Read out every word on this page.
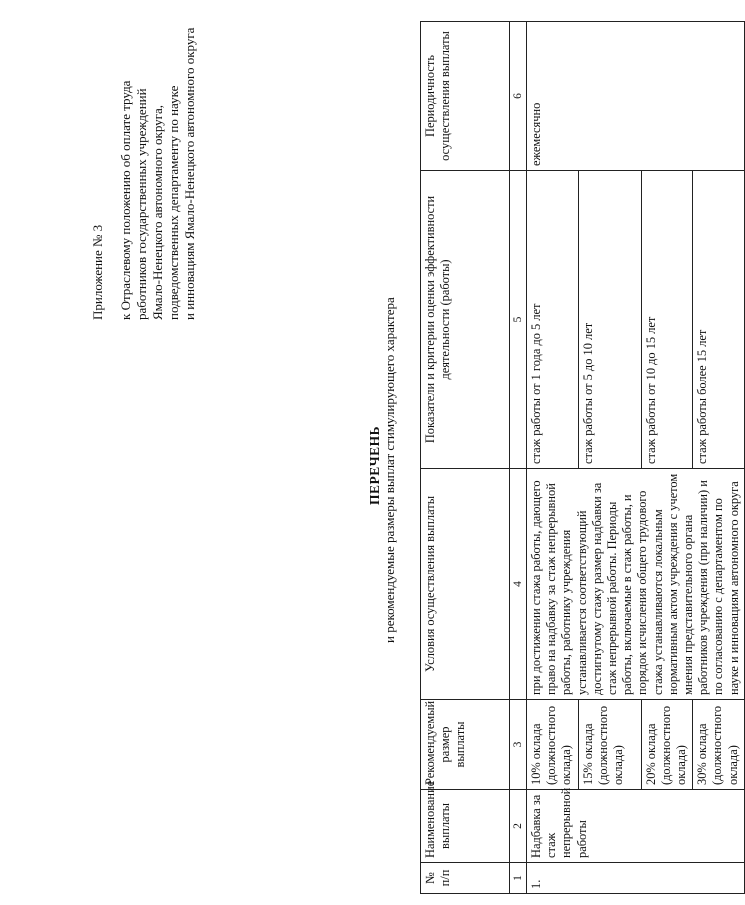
Приложение № 3 к Отраслевому положению об оплате труда работников государственных учреждений Ямало-Ненецкого автономного округа, подведомственных департаменту по науке и инновациям Ямало-Ненецкого автономного округа
ПЕРЕЧЕНЬ и рекомендуемые размеры выплат стимулирующего характера
№ п/п	Наименование выплаты	Рекомендуемый размер выплаты	Условия осуществления выплаты	Показатели и критерии оценки эффективности деятельности (работы)	Периодичность осуществления выплаты
1	2	3	4	5	6
1.	Надбавка за стаж непрерывной работы	10% оклада (должностного оклада)	при достижении стажа работы, дающего право на надбавку за стаж непрерывной работы, работнику учреждения устанавливается соответствующий достигнутому стажу размер надбавки за стаж непрерывной работы. Периоды работы, включаемые в стаж работы, и порядок исчисления общего трудового стажа устанавливаются локальным нормативным актом учреждения с учетом мнения представительного органа работников учреждения (при наличии) и по согласованию с департаментом по науке и инновациям автономного округа	стаж работы от 1 года до 5 лет	ежемесячно
		15% оклада (должностного оклада)		стаж работы от 5 до 10 лет	
		20% оклада (должностного оклада)		стаж работы от 10 до 15 лет	
		30% оклада (должностного оклада)		стаж работы более 15 лет	
